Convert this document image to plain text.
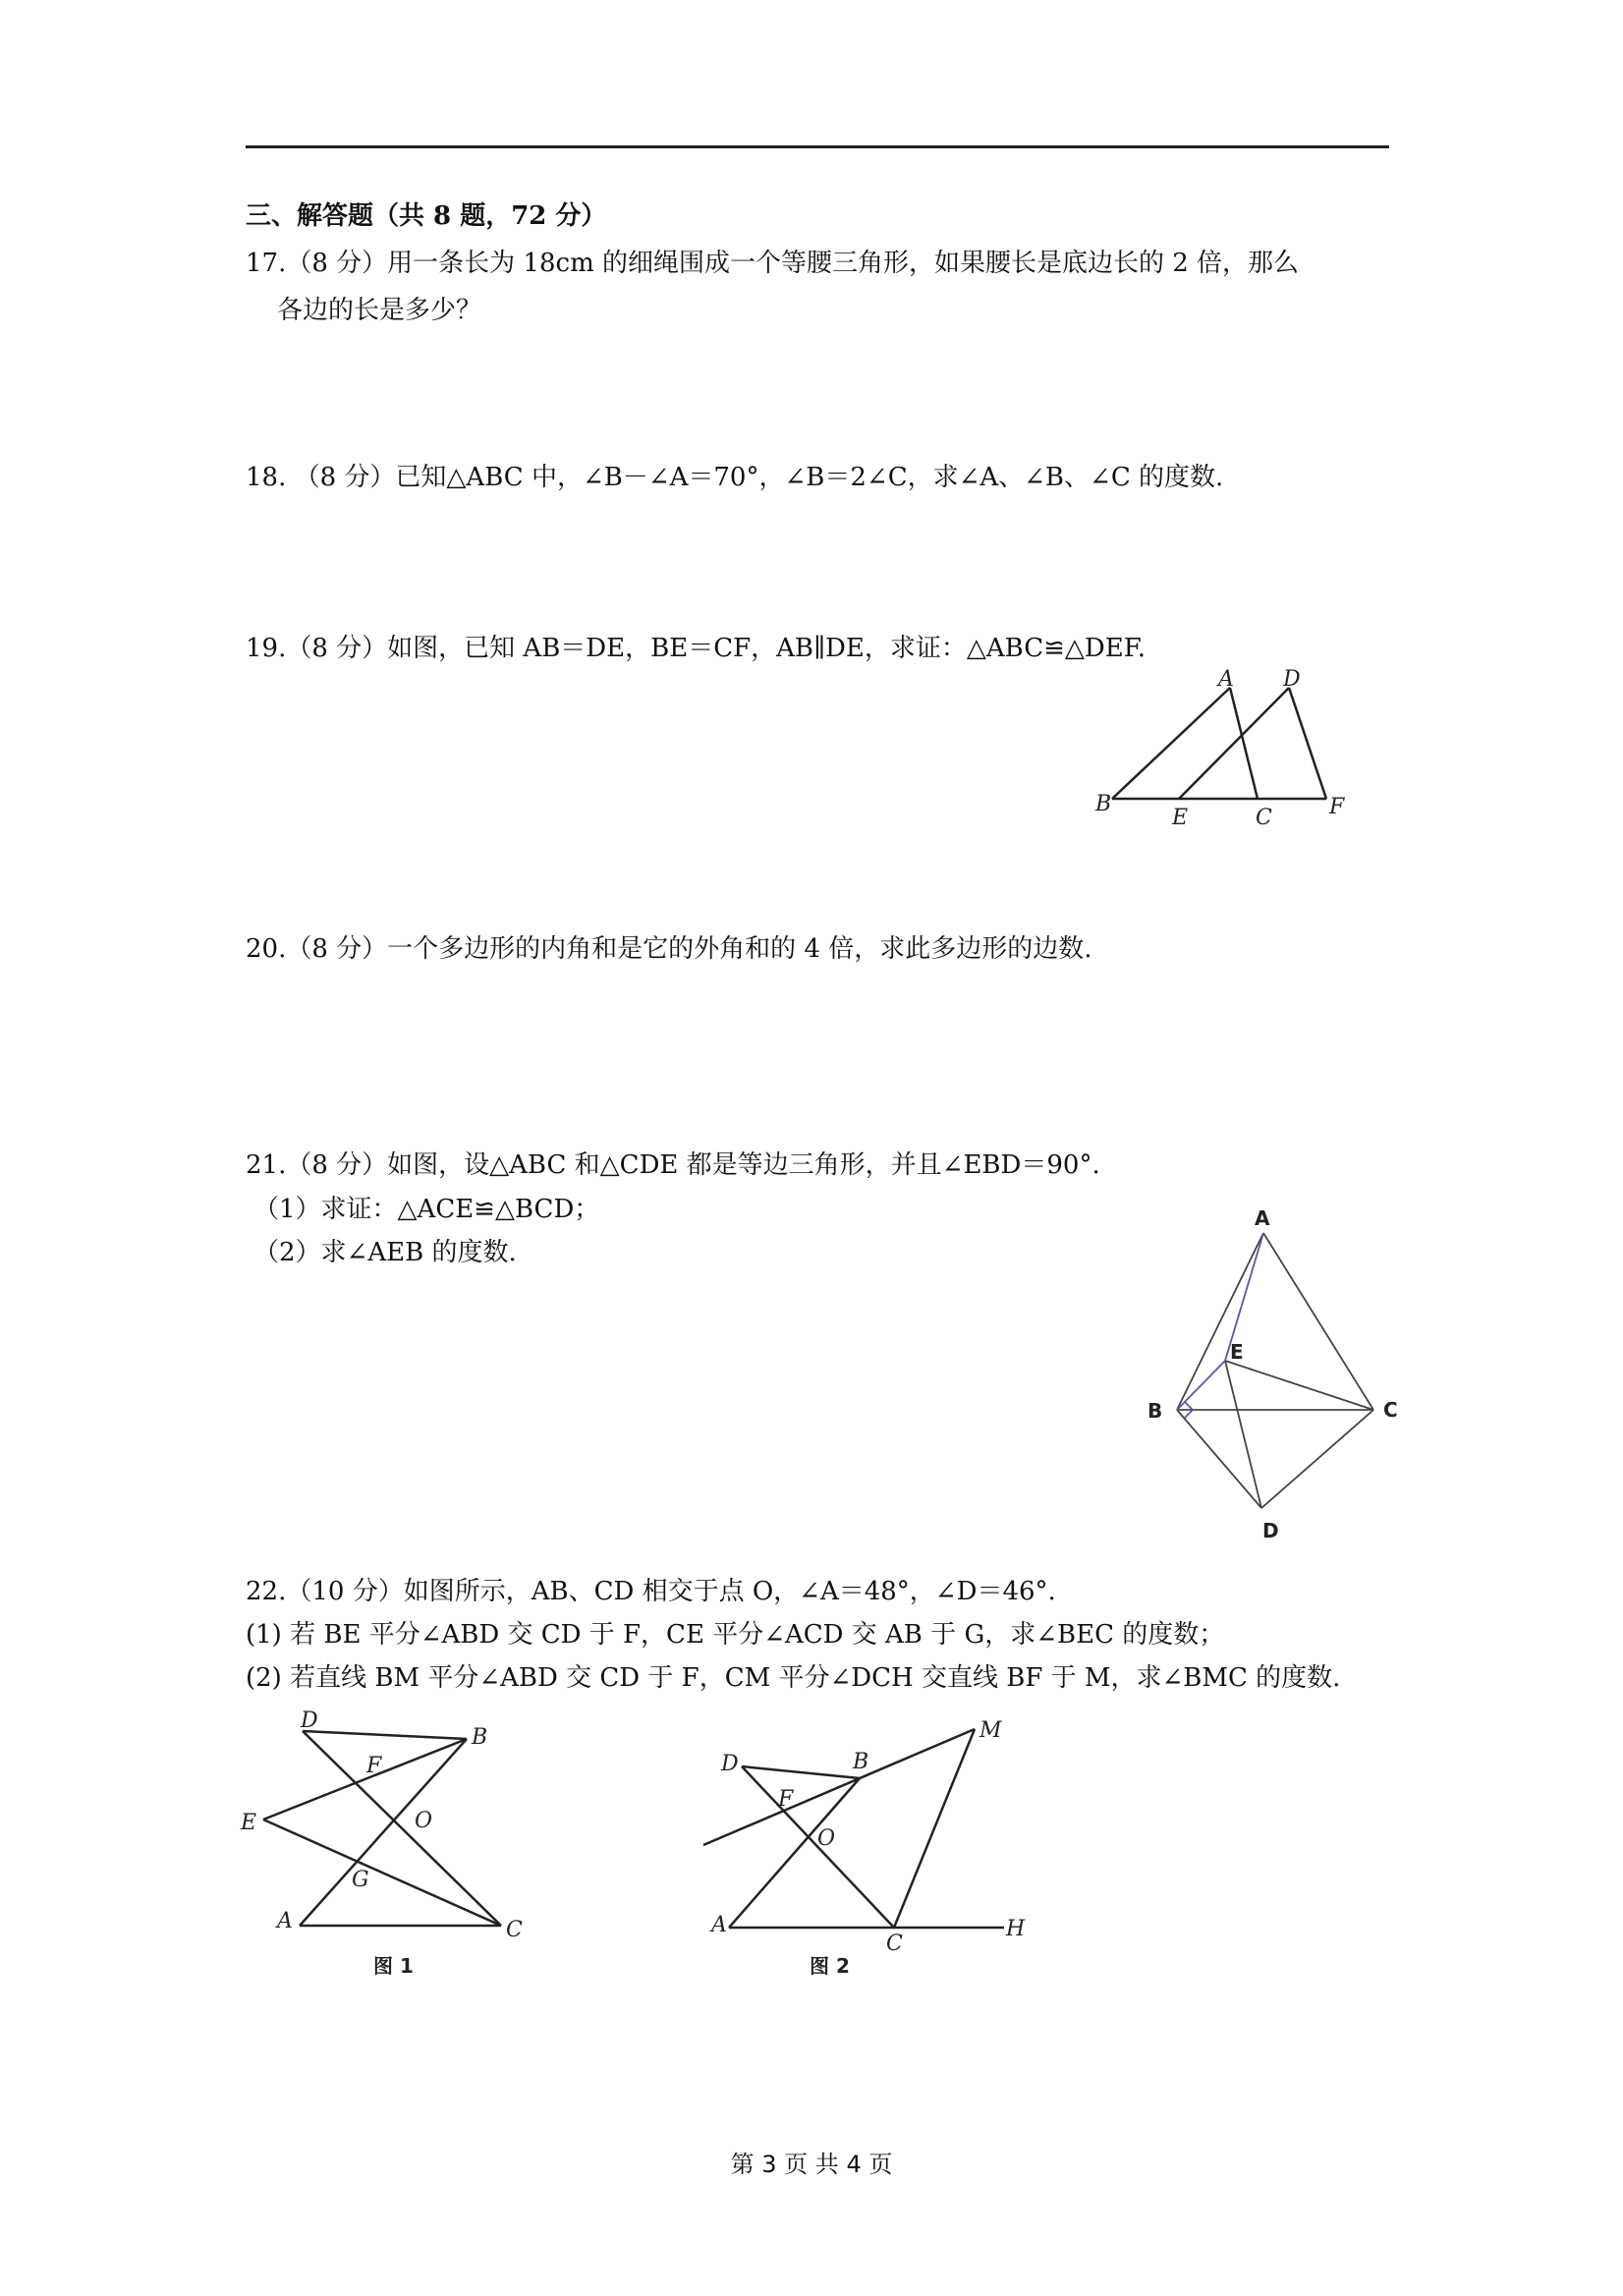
三、解答题（共 8 题，72 分）
17.（8 分）用一条长为 18cm 的细绳围成一个等腰三角形，如果腰长是底边长的 2 倍，那么
各边的长是多少？
18. （8 分）已知△ABC 中，∠B－∠A＝70°，∠B＝2∠C，求∠A、∠B、∠C 的度数.
19.（8 分）如图，已知 AB＝DE，BE＝CF，AB∥DE，求证：△ABC≌△DEF.
A D
B
E	C	F
20.（8 分）一个多边形的内角和是它的外角和的 4 倍，求此多边形的边数.
21.（8 分）如图，设△ABC 和△CDE 都是等边三角形，并且∠EBD＝90°.
（1）求证：△ACE≌△BCD；
（2）求∠AEB 的度数.
A
E
B	C
D
22.（10 分）如图所示，AB、CD 相交于点 O，∠A＝48°，∠D＝46°.
(1) 若 BE 平分∠ABD 交 CD 于 F，CE 平分∠ACD 交 AB 于 G，求∠BEC 的度数；
(2) 若直线 BM 平分∠ABD 交 CD 于 F，CM 平分∠DCH 交直线 BF 于 M，求∠BMC 的度数.
D
B
F
E	O
G
A	C
图 1
D	B
M
F
O
A
C
H
图 2
第 3 页 共 4 页
